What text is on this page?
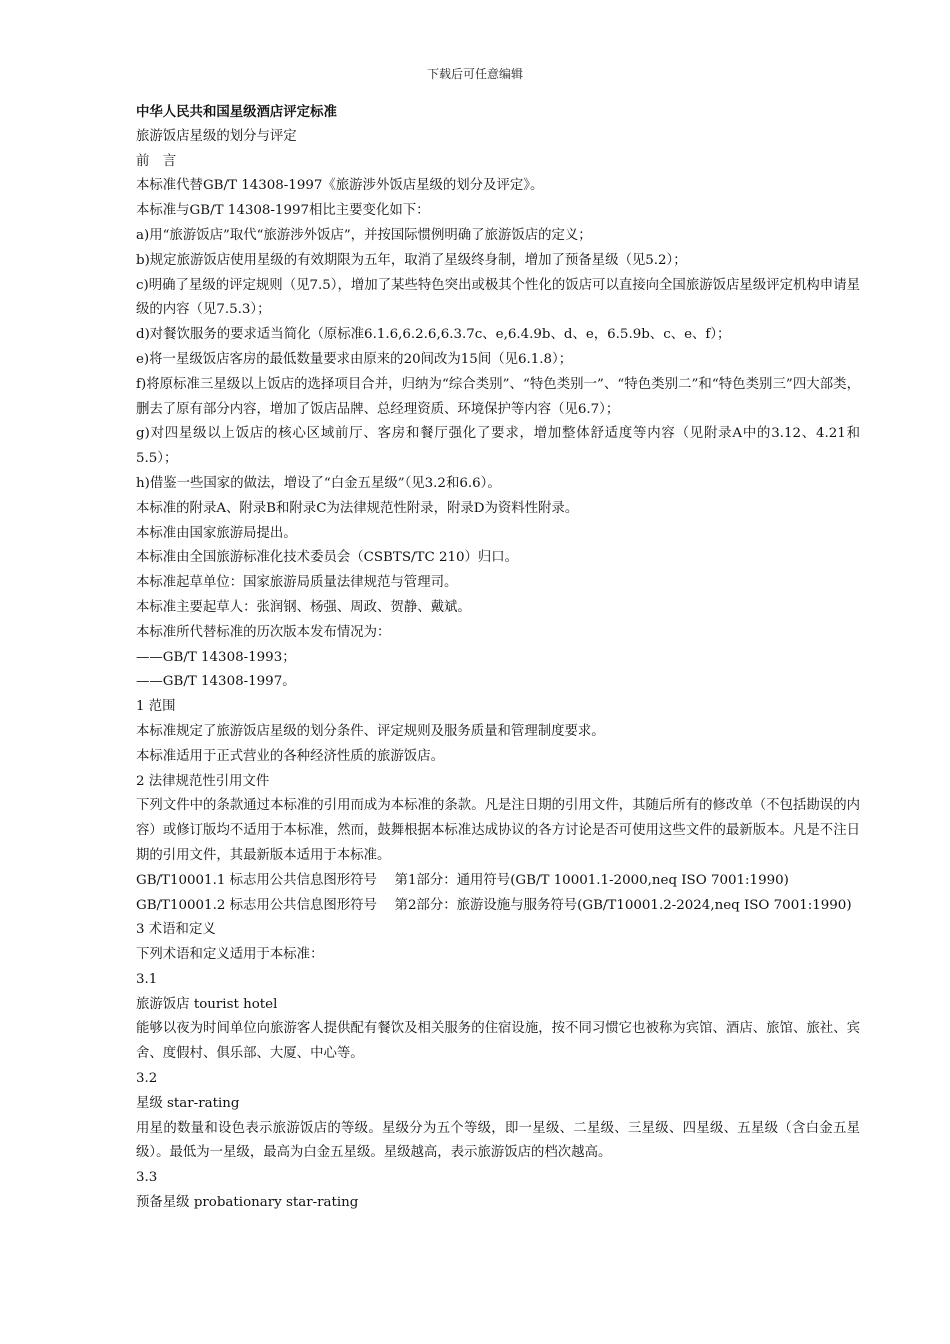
下载后可任意编辑

中华人民共和国星级酒店评定标准

旅游饭店星级的划分与评定

前　言

本标准代替GB/T 14308-1997《旅游涉外饭店星级的划分及评定》。

本标准与GB/T 14308-1997相比主要变化如下：

a)用“旅游饭店”取代“旅游涉外饭店”，并按国际惯例明确了旅游饭店的定义；

b)规定旅游饭店使用星级的有效期限为五年，取消了星级终身制，增加了预备星级（见5.2）；

c)明确了星级的评定规则（见7.5），增加了某些特色突出或极其个性化的饭店可以直接向全国旅游饭店星级评定机构申请星级的内容（见7.5.3）；

d)对餐饮服务的要求适当简化（原标准6.1.6,6.2.6,6.3.7c、e,6.4.9b、d、e，6.5.9b、c、e、f）；

e)将一星级饭店客房的最低数量要求由原来的20间改为15间（见6.1.8）；

f)将原标准三星级以上饭店的选择项目合并，归纳为“综合类别”、“特色类别一”、“特色类别二”和“特色类别三”四大部类，删去了原有部分内容，增加了饭店品牌、总经理资质、环境保护等内容（见6.7）；

g)对四星级以上饭店的核心区域前厅、客房和餐厅强化了要求，增加整体舒适度等内容（见附录A中的3.12、4.21和5.5）；

h)借鉴一些国家的做法，增设了“白金五星级”（见3.2和6.6）。

本标准的附录A、附录B和附录C为法律规范性附录，附录D为资料性附录。

本标准由国家旅游局提出。

本标准由全国旅游标准化技术委员会（CSBTS/TC 210）归口。

本标准起草单位：国家旅游局质量法律规范与管理司。

本标准主要起草人：张润钢、杨强、周政、贺静、戴斌。

本标准所代替标准的历次版本发布情况为：

——GB/T 14308-1993；

——GB/T 14308-1997。

1 范围

本标准规定了旅游饭店星级的划分条件、评定规则及服务质量和管理制度要求。

本标准适用于正式营业的各种经济性质的旅游饭店。

2 法律规范性引用文件

下列文件中的条款通过本标准的引用而成为本标准的条款。凡是注日期的引用文件，其随后所有的修改单（不包括勘误的内容）或修订版均不适用于本标准，然而，鼓舞根据本标准达成协议的各方讨论是否可使用这些文件的最新版本。凡是不注日期的引用文件，其最新版本适用于本标准。

GB/T10001.1 标志用公共信息图形符号　 第1部分：通用符号(GB/T 10001.1-2000,neq ISO 7001:1990)

GB/T10001.2 标志用公共信息图形符号　 第2部分：旅游设施与服务符号(GB/T10001.2-2024,neq ISO 7001:1990)

3 术语和定义

下列术语和定义适用于本标准：

3.1

旅游饭店 tourist hotel

能够以夜为时间单位向旅游客人提供配有餐饮及相关服务的住宿设施，按不同习惯它也被称为宾馆、酒店、旅馆、旅社、宾舍、度假村、俱乐部、大厦、中心等。

3.2

星级 star-rating

用星的数量和设色表示旅游饭店的等级。星级分为五个等级，即一星级、二星级、三星级、四星级、五星级（含白金五星级）。最低为一星级，最高为白金五星级。星级越高，表示旅游饭店的档次越高。

3.3

预备星级 probationary star-rating
